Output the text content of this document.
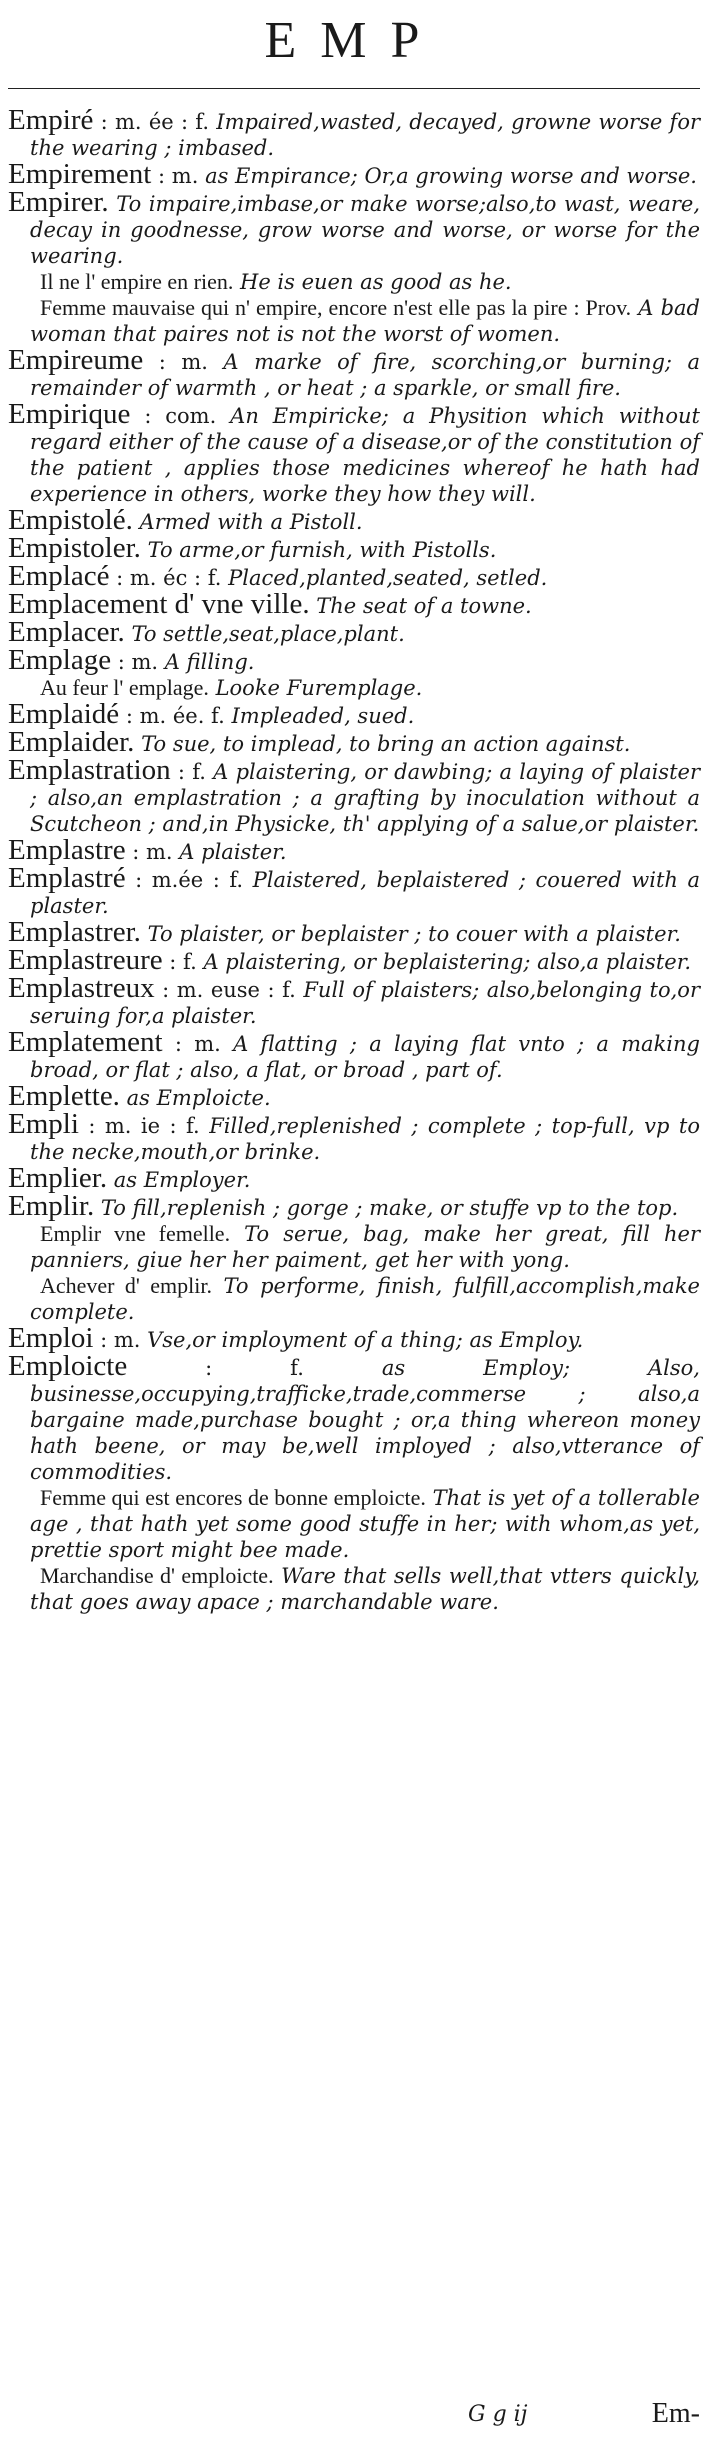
EMP

Empiré : m. ée : f. Impaired,wasted, decayed, growne worse for the wearing ; imbased.

Empirement : m. as Empirance; Or,a growing worse and worse.

Empirer. To impaire,imbase,or make worse;also,to wast, weare, decay in goodnesse, grow worse and worse, or worse for the wearing.

Il ne l' empire en rien. He is euen as good as he.

Femme mauvaise qui n' empire, encore n'est elle pas la pire : Prov. A bad woman that paires not is not the worst of women.

Empireume : m. A marke of fire, scorching,or burning; a remainder of warmth , or heat ; a sparkle, or small fire.

Empirique : com. An Empiricke; a Physition which without regard either of the cause of a disease,or of the constitution of the patient , applies those medicines whereof he hath had experience in others, worke they how they will.

Empistolé. Armed with a Pistoll.

Empistoler. To arme,or furnish, with Pistolls.

Emplacé : m. éc : f. Placed,planted,seated, setled.

Emplacement d' vne ville. The seat of a towne.

Emplacer. To settle,seat,place,plant.

Emplage : m. A filling.

Au feur l' emplage. Looke Furemplage.

Emplaidé : m. ée. f. Impleaded, sued.

Emplaider. To sue, to implead, to bring an action against.

Emplastration : f. A plaistering, or dawbing; a laying of plaister ; also,an emplastration ; a grafting by inoculation without a Scutcheon ; and,in Physicke, th' applying of a salue,or plaister.

Emplastre : m. A plaister.

Emplastré : m.ée : f. Plaistered, beplaistered ; couered with a plaster.

Emplastrer. To plaister, or beplaister ; to couer with a plaister.

Emplastreure : f. A plaistering, or beplaistering; also,a plaister.

Emplastreux : m. euse : f. Full of plaisters; also,belonging to,or seruing for,a plaister.

Emplatement : m. A flatting ; a laying flat vnto ; a making broad, or flat ; also, a flat, or broad , part of.

Emplette. as Emploicte.

Empli : m. ie : f. Filled,replenished ; complete ; top-full, vp to the necke,mouth,or brinke.

Emplier. as Employer.

Emplir. To fill,replenish ; gorge ; make, or stuffe vp to the top.

Emplir vne femelle. To serue, bag, make her great, fill her panniers, giue her her paiment, get her with yong.

Achever d' emplir. To performe, finish, fulfill,accomplish,make complete.

Emploi : m. Vse,or imployment of a thing; as Employ.

Emploicte	: f.	as Employ; Also, businesse,occupying,trafficke,trade,commerse ; also,a bargaine made,purchase bought ; or,a thing whereon money hath beene, or may be,well imployed ; also,vtterance of commodities.

Femme qui est encores de bonne emploicte. That is yet of a tollerable age , that hath yet some good stuffe in her; with whom,as yet, prettie sport might bee made.

Marchandise d' emploicte. Ware that sells well,that vtters quickly, that goes away apace ; marchandable ware.

G g ij	Em-
